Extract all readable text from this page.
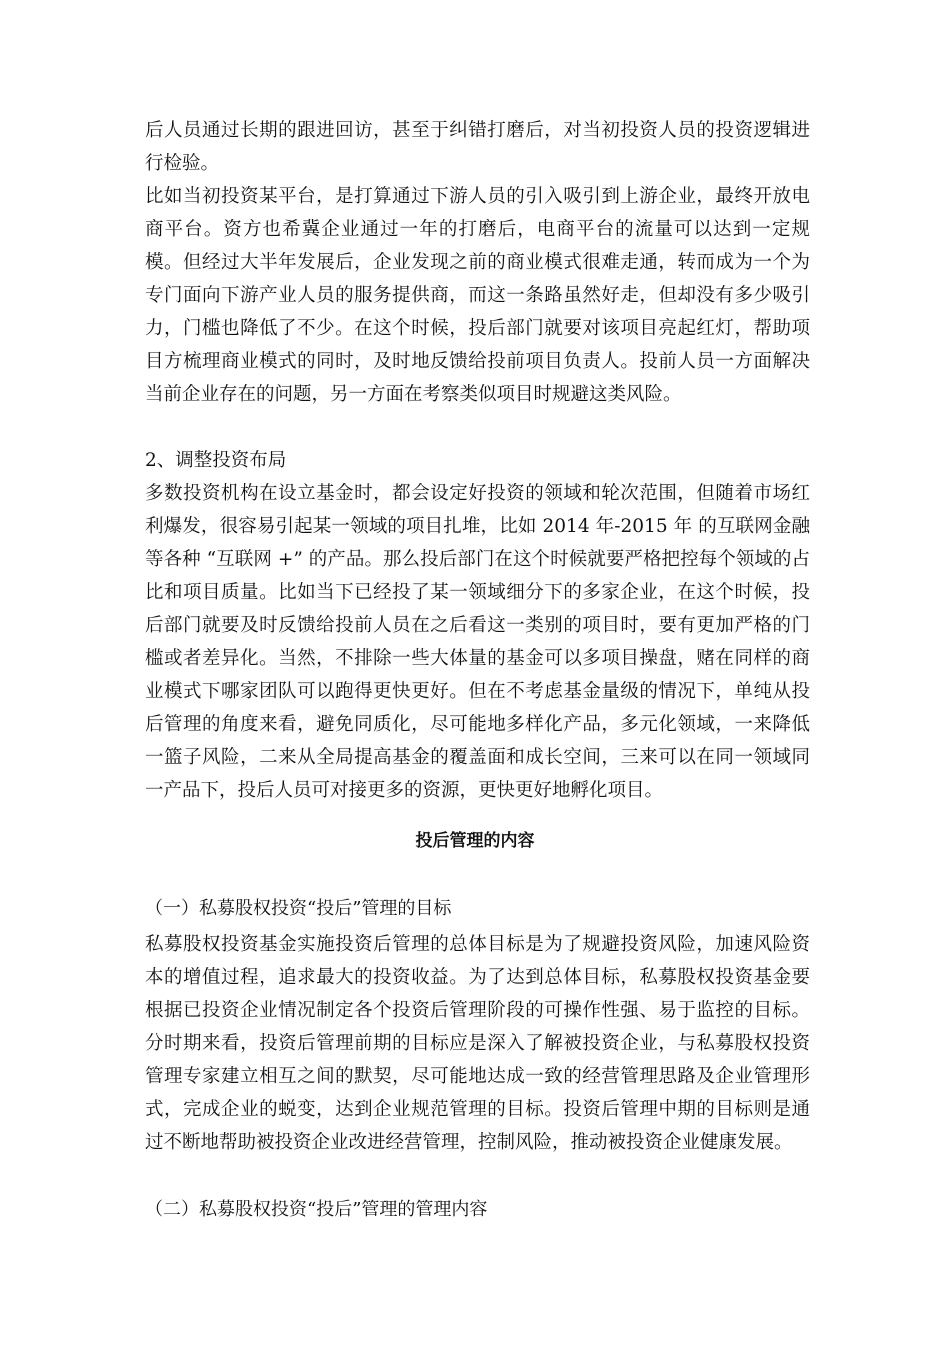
后人员通过长期的跟进回访，甚至于纠错打磨后，对当初投资人员的投资逻辑进行检验。

比如当初投资某平台，是打算通过下游人员的引入吸引到上游企业，最终开放电商平台。资方也希冀企业通过一年的打磨后，电商平台的流量可以达到一定规模。但经过大半年发展后，企业发现之前的商业模式很难走通，转而成为一个为专门面向下游产业人员的服务提供商，而这一条路虽然好走，但却没有多少吸引力，门槛也降低了不少。在这个时候，投后部门就要对该项目亮起红灯，帮助项目方梳理商业模式的同时，及时地反馈给投前项目负责人。投前人员一方面解决当前企业存在的问题，另一方面在考察类似项目时规避这类风险。

2、调整投资布局

多数投资机构在设立基金时，都会设定好投资的领域和轮次范围，但随着市场红利爆发，很容易引起某一领域的项目扎堆，比如 2014 年-2015 年 的互联网金融等各种 “互联网 +” 的产品。那么投后部门在这个时候就要严格把控每个领域的占比和项目质量。比如当下已经投了某一领域细分下的多家企业，在这个时候，投后部门就要及时反馈给投前人员在之后看这一类别的项目时，要有更加严格的门槛或者差异化。当然，不排除一些大体量的基金可以多项目操盘，赌在同样的商业模式下哪家团队可以跑得更快更好。但在不考虑基金量级的情况下，单纯从投后管理的角度来看，避免同质化，尽可能地多样化产品，多元化领域，一来降低一篮子风险，二来从全局提高基金的覆盖面和成长空间，三来可以在同一领域同一产品下，投后人员可对接更多的资源，更快更好地孵化项目。

投后管理的内容
（一）私募股权投资“投后”管理的目标

私募股权投资基金实施投资后管理的总体目标是为了规避投资风险，加速风险资本的增值过程，追求最大的投资收益。为了达到总体目标，私募股权投资基金要根据已投资企业情况制定各个投资后管理阶段的可操作性强、易于监控的目标。分时期来看，投资后管理前期的目标应是深入了解被投资企业，与私募股权投资管理专家建立相互之间的默契，尽可能地达成一致的经营管理思路及企业管理形式，完成企业的蜕变，达到企业规范管理的目标。投资后管理中期的目标则是通过不断地帮助被投资企业改进经营管理，控制风险，推动被投资企业健康发展。

（二）私募股权投资“投后”管理的管理内容
